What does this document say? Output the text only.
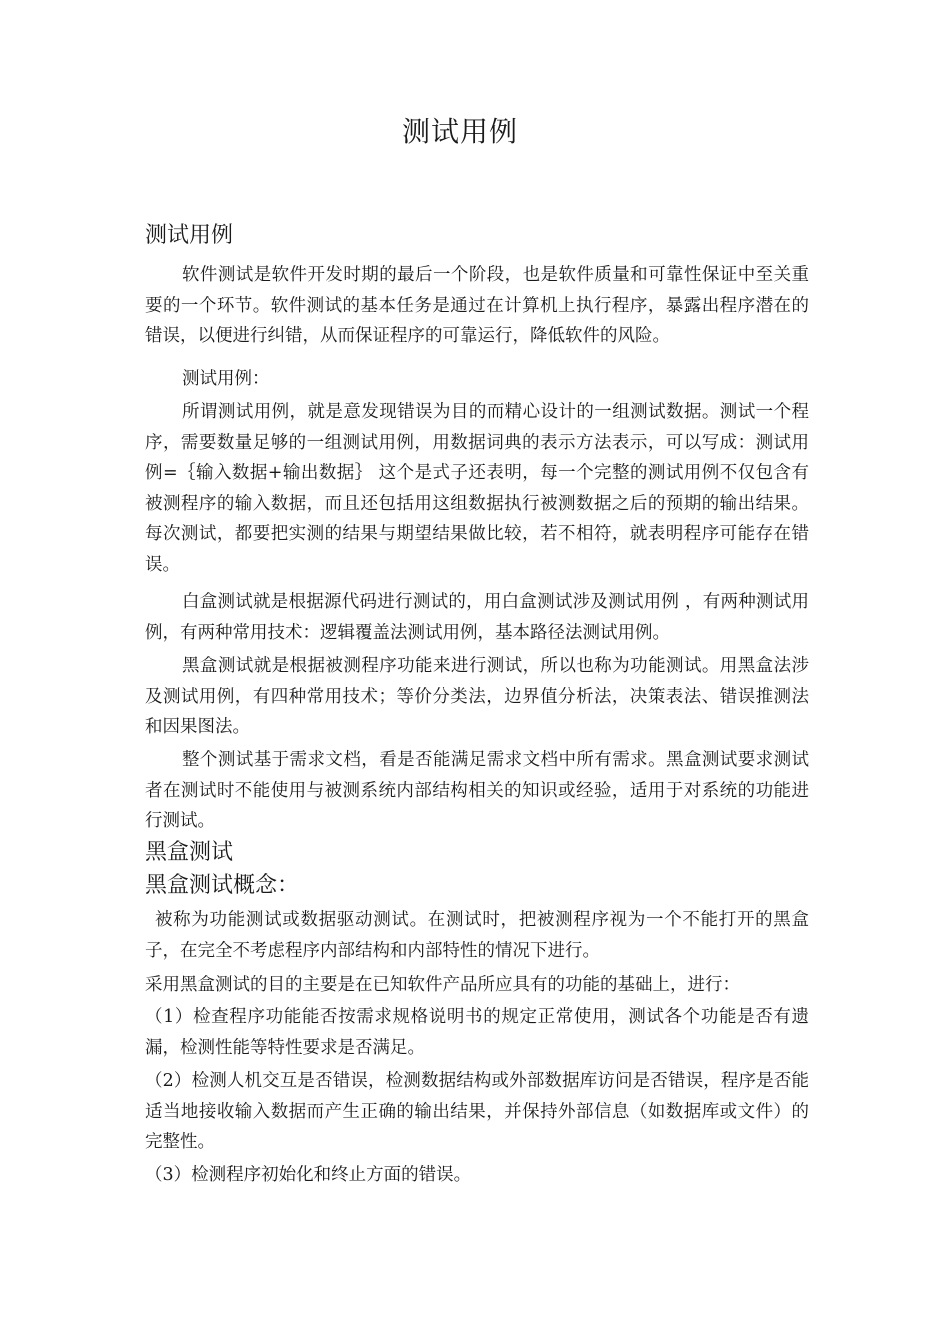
测试用例
测试用例
软件测试是软件开发时期的最后一个阶段，也是软件质量和可靠性保证中至关重要的一个环节。软件测试的基本任务是通过在计算机上执行程序，暴露出程序潜在的错误，以便进行纠错，从而保证程序的可靠运行，降低软件的风险。
测试用例：
所谓测试用例，就是意发现错误为目的而精心设计的一组测试数据。测试一个程序，需要数量足够的一组测试用例，用数据词典的表示方法表示，可以写成：测试用例=｛输入数据+输出数据｝ 这个是式子还表明，每一个完整的测试用例不仅包含有被测程序的输入数据，而且还包括用这组数据执行被测数据之后的预期的输出结果。每次测试，都要把实测的结果与期望结果做比较，若不相符，就表明程序可能存在错误。
白盒测试就是根据源代码进行测试的，用白盒测试涉及测试用例 ，有两种测试用例，有两种常用技术：逻辑覆盖法测试用例，基本路径法测试用例。
黑盒测试就是根据被测程序功能来进行测试，所以也称为功能测试。用黑盒法涉及测试用例，有四种常用技术；等价分类法，边界值分析法，决策表法、错误推测法和因果图法。
整个测试基于需求文档，看是否能满足需求文档中所有需求。黑盒测试要求测试者在测试时不能使用与被测系统内部结构相关的知识或经验，适用于对系统的功能进行测试。
黑盒测试
黑盒测试概念：
被称为功能测试或数据驱动测试。在测试时，把被测程序视为一个不能打开的黑盒子，在完全不考虑程序内部结构和内部特性的情况下进行。
采用黑盒测试的目的主要是在已知软件产品所应具有的功能的基础上，进行：
（1）检查程序功能能否按需求规格说明书的规定正常使用，测试各个功能是否有遗漏，检测性能等特性要求是否满足。
（2）检测人机交互是否错误，检测数据结构或外部数据库访问是否错误，程序是否能适当地接收输入数据而产生正确的输出结果，并保持外部信息（如数据库或文件）的完整性。
（3）检测程序初始化和终止方面的错误。
